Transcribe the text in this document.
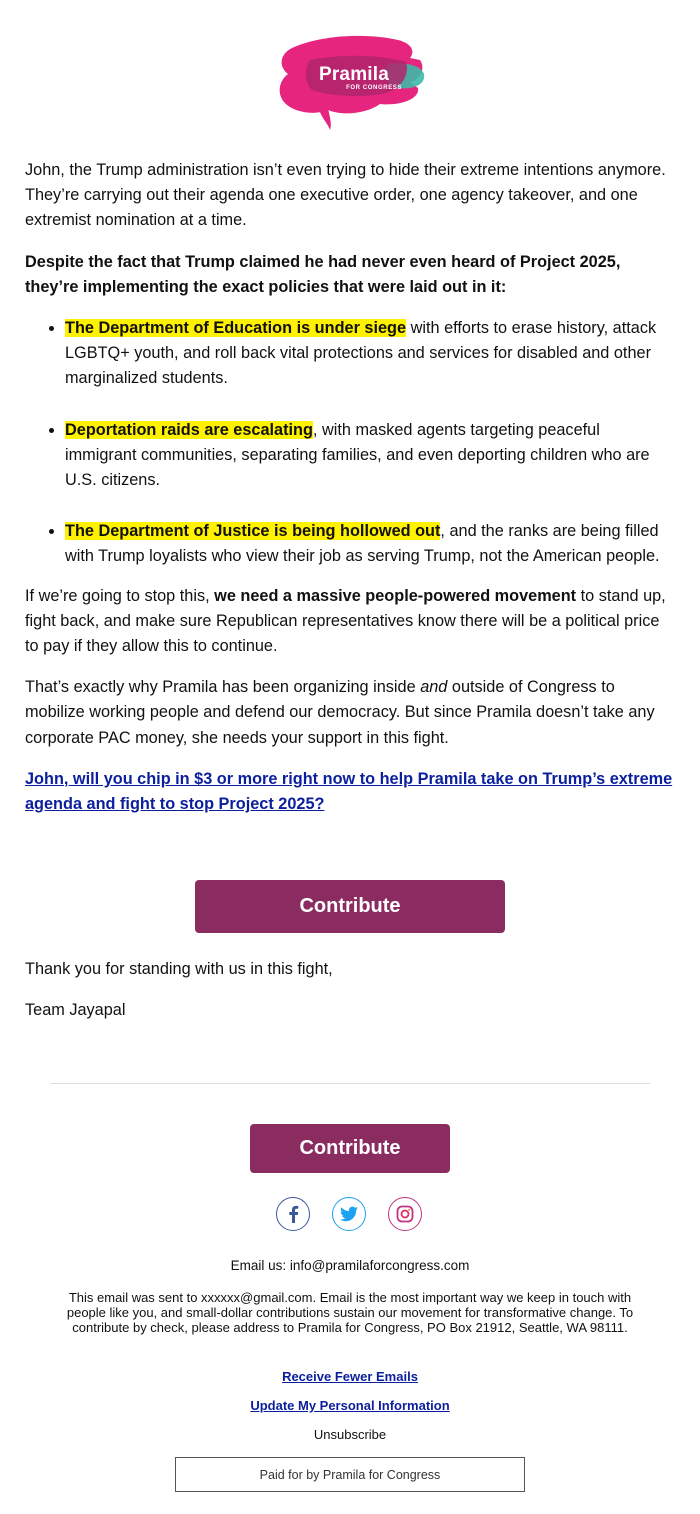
Pramila
FOR CONGRESS

John, the Trump administration isn’t even trying to hide their extreme intentions anymore. They’re carrying out their agenda one executive order, one agency takeover, and one extremist nomination at a time.

Despite the fact that Trump claimed he had never even heard of Project 2025, they’re implementing the exact policies that were laid out in it:

• The Department of Education is under siege with efforts to erase history, attack LGBTQ+ youth, and roll back vital protections and services for disabled and other marginalized students.
• Deportation raids are escalating, with masked agents targeting peaceful immigrant communities, separating families, and even deporting children who are U.S. citizens.
• The Department of Justice is being hollowed out, and the ranks are being filled with Trump loyalists who view their job as serving Trump, not the American people.

If we’re going to stop this, we need a massive people-powered movement to stand up, fight back, and make sure Republican representatives know there will be a political price to pay if they allow this to continue.

That’s exactly why Pramila has been organizing inside and outside of Congress to mobilize working people and defend our democracy. But since Pramila doesn’t take any corporate PAC money, she needs your support in this fight.

John, will you chip in $3 or more right now to help Pramila take on Trump’s extreme agenda and fight to stop Project 2025?

Contribute

Thank you for standing with us in this fight,

Team Jayapal

Contribute
Email us: info@pramilaforcongress.com
This email was sent to xxxxxx@gmail.com. Email is the most important way we keep in touch with people like you, and small-dollar contributions sustain our movement for transformative change. To contribute by check, please address to Pramila for Congress, PO Box 21912, Seattle, WA 98111.
Receive Fewer Emails
Update My Personal Information
Unsubscribe
Paid for by Pramila for Congress
